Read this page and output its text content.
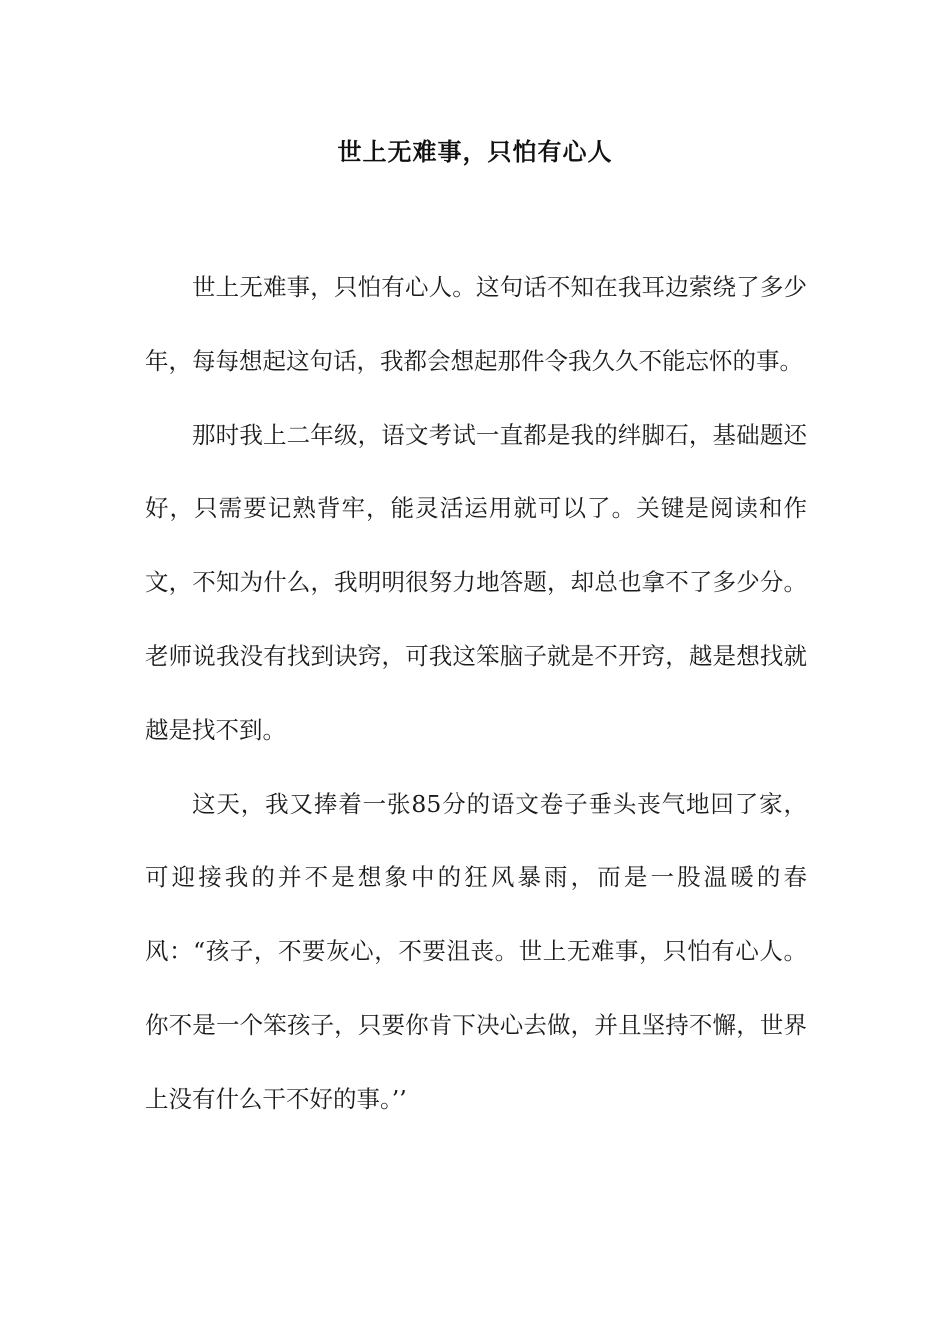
世上无难事，只怕有心人

世上无难事，只怕有心人。这句话不知在我耳边萦绕了多少年，每每想起这句话，我都会想起那件令我久久不能忘怀的事。

那时我上二年级，语文考试一直都是我的绊脚石，基础题还好，只需要记熟背牢，能灵活运用就可以了。关键是阅读和作文，不知为什么，我明明很努力地答题，却总也拿不了多少分。老师说我没有找到诀窍，可我这笨脑子就是不开窍，越是想找就越是找不到。

这天，我又捧着一张85分的语文卷子垂头丧气地回了家，可迎接我的并不是想象中的狂风暴雨，而是一股温暖的春风：“孩子，不要灰心，不要沮丧。世上无难事，只怕有心人。你不是一个笨孩子，只要你肯下决心去做，并且坚持不懈，世界上没有什么干不好的事。’’
